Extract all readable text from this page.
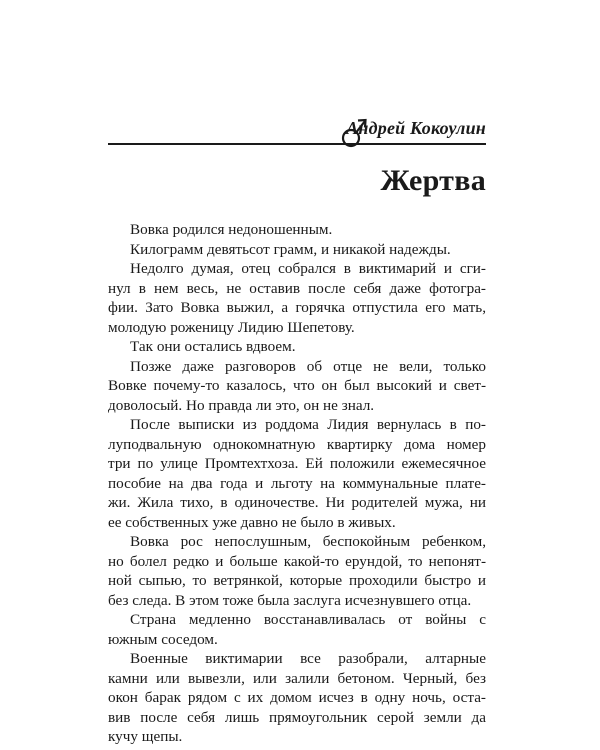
Андрей Кокоулин
Жертва

Вовка родился недоношенным.

Килограмм девятьсот грамм, и никакой надежды.

Недолго думая, отец собрался в виктимарий и сги-
нул в нем весь, не оставив после себя даже фотогра-
фии. Зато Вовка выжил, а горячка отпустила его мать,
молодую роженицу Лидию Шепетову.

Так они остались вдвоем.

Позже даже разговоров об отце не вели, только
Вовке почему-то казалось, что он был высокий и свет-
доволосый. Но правда ли это, он не знал.

После выписки из роддома Лидия вернулась в по-
луподвальную однокомнатную квартирку дома номер
три по улице Промтехтхоза. Ей положили ежемесячное
пособие на два года и льготу на коммунальные плате-
жи. Жила тихо, в одиночестве. Ни родителей мужа, ни
ее собственных уже давно не было в живых.

Вовка рос непослушным, беспокойным ребенком,
но болел редко и больше какой-то ерундой, то непонят-
ной сыпью, то ветрянкой, которые проходили быстро и
без следа. В этом тоже была заслуга исчезнувшего отца.

Страна медленно восстанавливалась от войны с
южным соседом.

Военные виктимарии все разобрали, алтарные
камни или вывезли, или залили бетоном. Черный, без
окон барак рядом с их домом исчез в одну ночь, оста-
вив после себя лишь прямоугольник серой земли да
кучу щепы.
